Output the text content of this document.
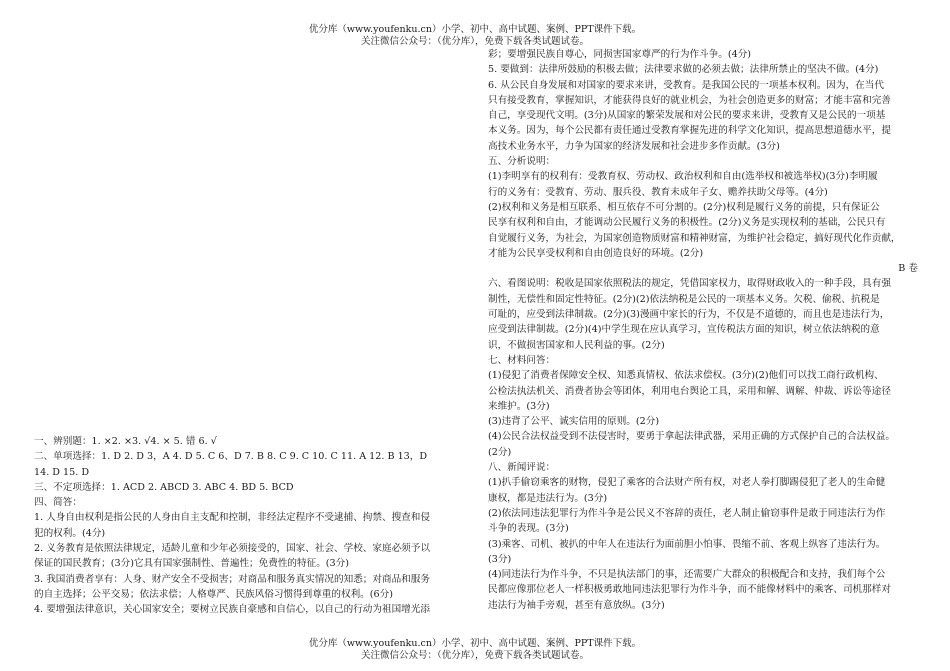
优分库（www.youfenku.cn）小学、初中、高中试题、案例、PPT课件下载。
关注微信公众号：（优分库），免费下载各类试题试卷。

彩；要增强民族自尊心，同损害国家尊严的行为作斗争。(4分)

5. 要做到：法律所鼓励的积极去做；法律要求做的必须去做；法律所禁止的坚决不做。(4分)

6. 从公民自身发展和对国家的要求来讲，受教育。是我国公民的一项基本权利。因为，在当代

只有接受教育，掌握知识，才能获得良好的就业机会，为社会创造更多的财富；才能丰富和完善

自己，享受现代文明。(3分)从国家的繁荣发展和对公民的要求来讲，受教育又是公民的一项基

本义务。因为，每个公民都有责任通过受教育掌握先进的科学文化知识，提高思想道德水平，提

高技术业务水平，力争为国家的经济发展和社会进步多作贡献。(3分)

五、分析说明：

(1)李明享有的权利有：受教育权、劳动权、政治权利和自由(选举权和被选举权)(3分)李明履

行的义务有：受教育、劳动、服兵役、教育未成年子女、赡养扶助父母等。(4分)

(2)权利和义务是相互联系、相互依存不可分割的。(2分)权利是履行义务的前提，只有保证公

民享有权利和自由，才能调动公民履行义务的积极性。(2分)义务是实现权利的基础，公民只有

自觉履行义务，为社会，为国家创造物质财富和精神财富，为维护社会稳定，搞好现代化作贡献，

才能为公民享受权利和自由创造良好的环境。(2分)

B 卷

六、看图说明：税收是国家依照税法的规定，凭借国家权力，取得财政收入的一种手段，具有强

制性，无偿性和固定性特征。(2分)(2)依法纳税是公民的一项基本义务。欠税、偷税、抗税是

可耻的，应受到法律制裁。(2分)(3)漫画中家长的行为，不仅是不道德的，而且也是违法行为，

应受到法律制裁。(2分)(4)中学生现在应认真学习，宣传税法方面的知识，树立依法纳税的意

识，不做损害国家和人民利益的事。(2分)

七、材料问答：

(1)侵犯了消费者保障安全权、知悉真情权、依法求偿权。(3分)(2)他们可以找工商行政机构、

公检法执法机关、消费者协会等团体，利用电台舆论工具，采用和解、调解、仲裁、诉讼等途径

来维护。(3分)

(3)违背了公平、诚实信用的原则。(2分)

(4)公民合法权益受到不法侵害时，要勇于拿起法律武器，采用正确的方式保护自己的合法权益。

(2分)

八、新闻评说：

(1)扒手偷窃乘客的财物，侵犯了乘客的合法财产所有权，对老人拳打脚踢侵犯了老人的生命健

康权，都是违法行为。(3分)

(2)依法同违法犯罪行为作斗争是公民义不容辞的责任，老人制止偷窃事件是敢于同违法行为作

斗争的表现。(3分)

(3)乘客、司机、被扒的中年人在违法行为面前胆小怕事、畏缩不前、客观上纵容了违法行为。

(3分)

(4)同违法行为作斗争，不只是执法部门的事，还需要广大群众的积极配合和支持，我们每个公

民都应像那位老人一样积极勇敢地同违法犯罪行为作斗争，而不能像材料中的乘客、司机那样对

违法行为袖手旁观，甚至有意放纵。(3分)

一、辨别题：1. ×2. ×3. √4. × 5. 错 6. √

二、单项选择：1. D 2. D 3，A 4. D 5. C 6、D 7. B 8. C 9. C 10. C 11. A 12. B 13，D

14. D 15. D

三、不定项选择：1. ACD 2. ABCD 3. ABC 4. BD 5. BCD

四、简答：

1. 人身自由权利是指公民的人身由自主支配和控制，非经法定程序不受逮捕、拘禁、搜查和侵

犯的权利。(4分)

2. 义务教育是依照法律规定，适龄儿童和少年必须接受的，国家、社会、学校、家庭必须予以

保证的国民教育；(3分)它具有国家强制性、普遍性；免费性的特征。(3分)

3. 我国消费者享有：人身、财产安全不受损害；对商品和服务真实情况的知悉；对商品和服务

的自主选择；公平交易；依法求偿；人格尊严、民族风俗习惯得到尊重的权利。(6分)

4. 要增强法律意识，关心国家安全；要树立民族自豪感和自信心，以自己的行动为祖国增光添

优分库（www.youfenku.cn）小学、初中、高中试题、案例、PPT课件下载。
关注微信公众号：（优分库），免费下载各类试题试卷。
